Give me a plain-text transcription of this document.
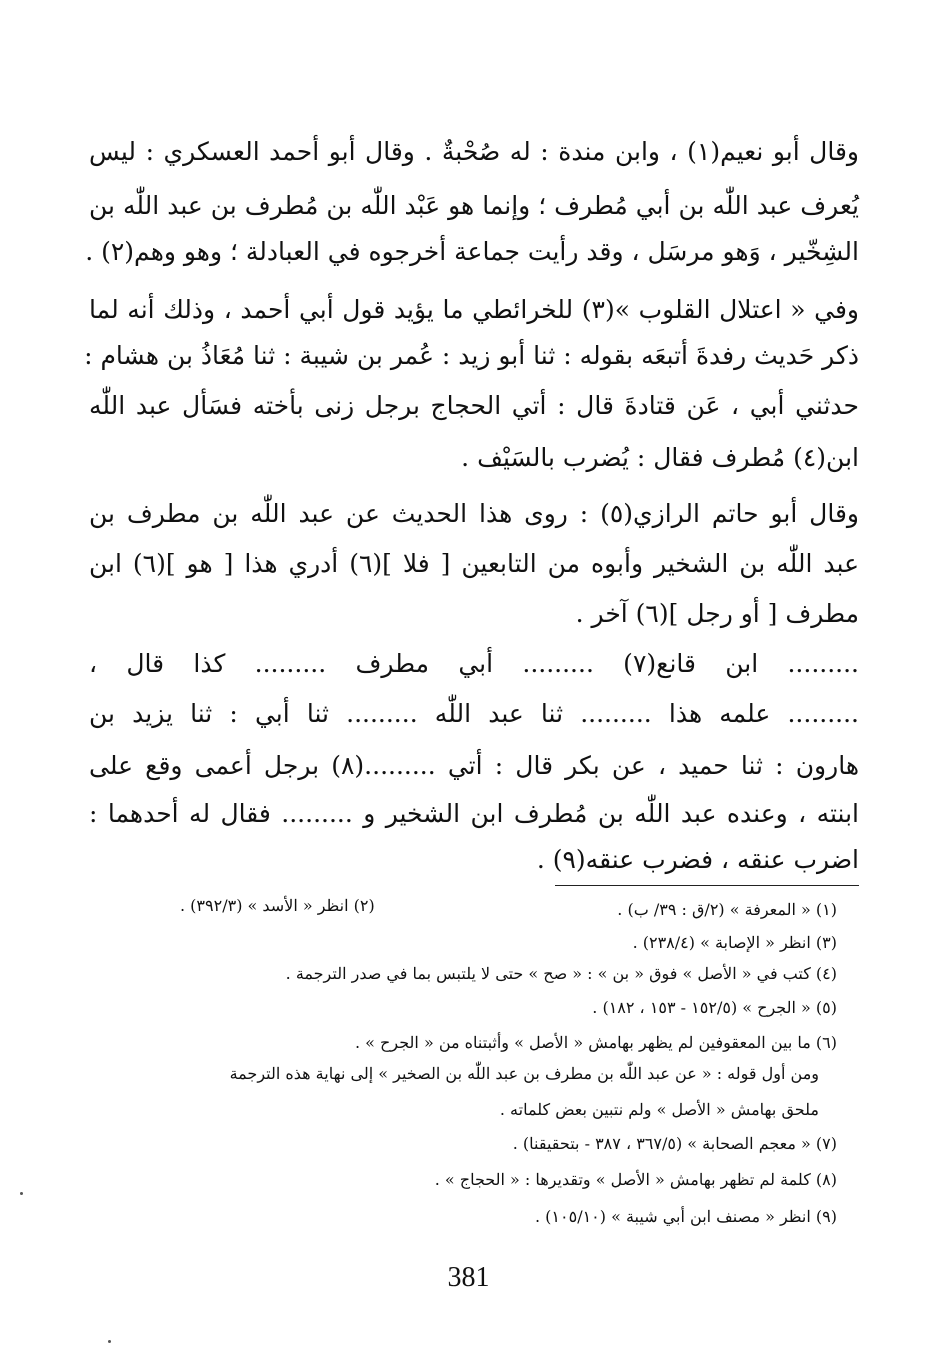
وقال أبو نعيم(١) ، وابن مندة : له صُحْبةٌ . وقال أبو أحمد العسكري : ليس
يُعرف عبد اللّٰه بن أبي مُطرف ؛ وإنما هو عَبْد اللّٰه بن مُطرف بن عبد اللّٰه بن
الشِخّير ، وَهو مرسَل ، وقد رأيت جماعة أخرجوه في العبادلة ؛ وهو وهم(٢) .
وفي « اعتلال القلوب »(٣) للخرائطي ما يؤيد قول أبي أحمد ، وذلك أنه لما
ذكر حَديث رفدةَ أتبعَه بقوله : ثنا أبو زيد : عُمر بن شيبة : ثنا مُعَاذُ بن هشام :
حدثني أبي ، عَن قتادةَ قال : أتي الحجاج برجل زنى بأخته فسَأل عبد اللّٰه
ابن(٤) مُطرف فقال : يُضرب بالسَيْف .
وقال أبو حاتم الرازي(٥) : روى هذا الحديث عن عبد اللّٰه بن مطرف بن
عبد اللّٰه بن الشخير وأبوه من التابعين [ فلا ](٦) أدري هذا [ هو ](٦) ابن
مطرف [ أو رجل ](٦) آخر .
......... ابن قانع(٧) ......... أبي مطرف ......... كذا قال ،
......... علمه هذا ......... ثنا عبد اللّٰه ......... ثنا أبي : ثنا يزيد بن
هارون : ثنا حميد ، عن بكر قال : أتي .........(٨) برجل أعمى وقع على
ابنته ، وعنده عبد اللّٰه بن مُطرف ابن الشخير و ......... فقال له أحدهما :
اضرب عنقه ، فضرب عنقه(٩) .
(١) « المعرفة » (٢/ق : ٣٩/ ب) .
(٢) انظر « الأسد » (٣٩٢/٣) .
(٣) انظر « الإصابة » (٢٣٨/٤) .
(٤) كتب في « الأصل » فوق « بن » : « صح » حتى لا يلتبس بما في صدر الترجمة .
(٥) « الجرح » (١٥٢/٥ - ١٥٣ ، ١٨٢) .
(٦) ما بين المعقوفين لم يظهر بهامش « الأصل » وأثبتناه من « الجرح » .
ومن أول قوله : « عن عبد اللّٰه بن مطرف بن عبد اللّٰه بن الصخير » إلى نهاية هذه الترجمة
ملحق بهامش « الأصل » ولم نتبين بعض كلماته .
(٧) « معجم الصحابة » (٣٦٧/٥ ، ٣٨٧ - بتحقيقنا) .
(٨) كلمة لم تظهر بهامش « الأصل » وتقديرها : « الحجاج » .
(٩) انظر « مصنف ابن أبي شيبة » (١٠٥/١٠) .
381
